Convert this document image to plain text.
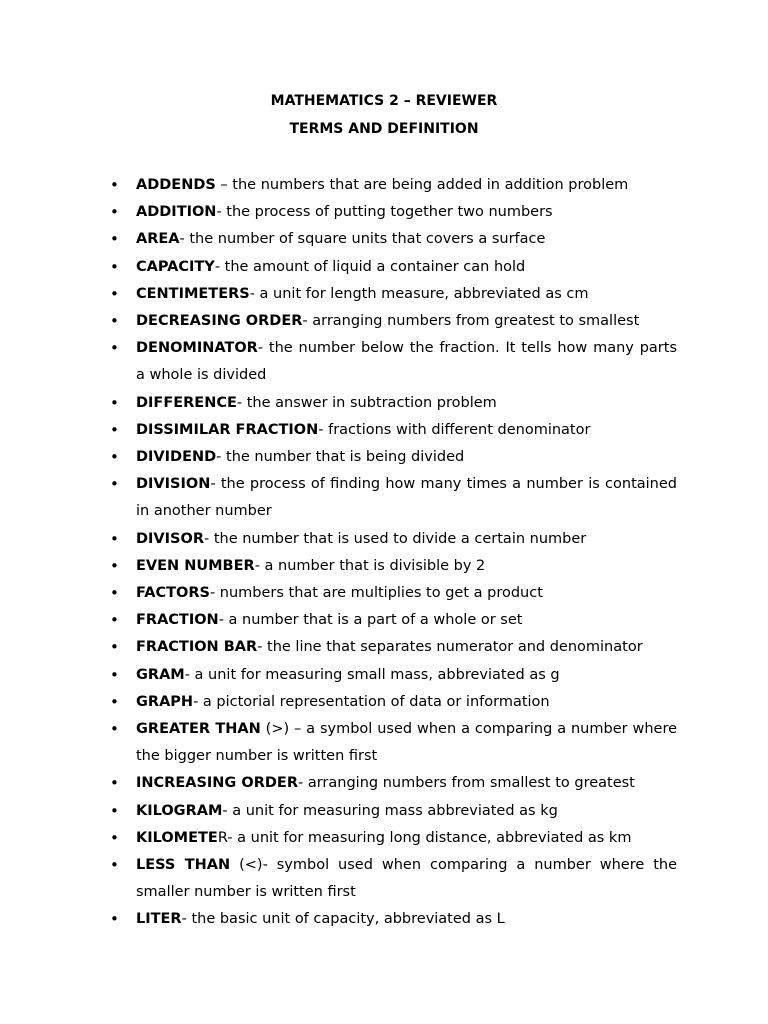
MATHEMATICS 2 – REVIEWER
TERMS AND DEFINITION
• ADDENDS – the numbers that are being added in addition problem
• ADDITION- the process of putting together two numbers
• AREA- the number of square units that covers a surface
• CAPACITY- the amount of liquid a container can hold
• CENTIMETERS- a unit for length measure, abbreviated as cm
• DECREASING ORDER- arranging numbers from greatest to smallest
• DENOMINATOR- the number below the fraction. It tells how many parts a whole is divided
• DIFFERENCE- the answer in subtraction problem
• DISSIMILAR FRACTION- fractions with different denominator
• DIVIDEND- the number that is being divided
• DIVISION- the process of finding how many times a number is contained in another number
• DIVISOR- the number that is used to divide a certain number
• EVEN NUMBER- a number that is divisible by 2
• FACTORS- numbers that are multiplies to get a product
• FRACTION- a number that is a part of a whole or set
• FRACTION BAR- the line that separates numerator and denominator
• GRAM- a unit for measuring small mass, abbreviated as g
• GRAPH- a pictorial representation of data or information
• GREATER THAN (>) – a symbol used when a comparing a number where the bigger number is written first
• INCREASING ORDER- arranging numbers from smallest to greatest
• KILOGRAM- a unit for measuring mass abbreviated as kg
• KILOMETER- a unit for measuring long distance, abbreviated as km
• LESS THAN (<)- symbol used when comparing a number where the smaller number is written first
• LITER- the basic unit of capacity, abbreviated as L
